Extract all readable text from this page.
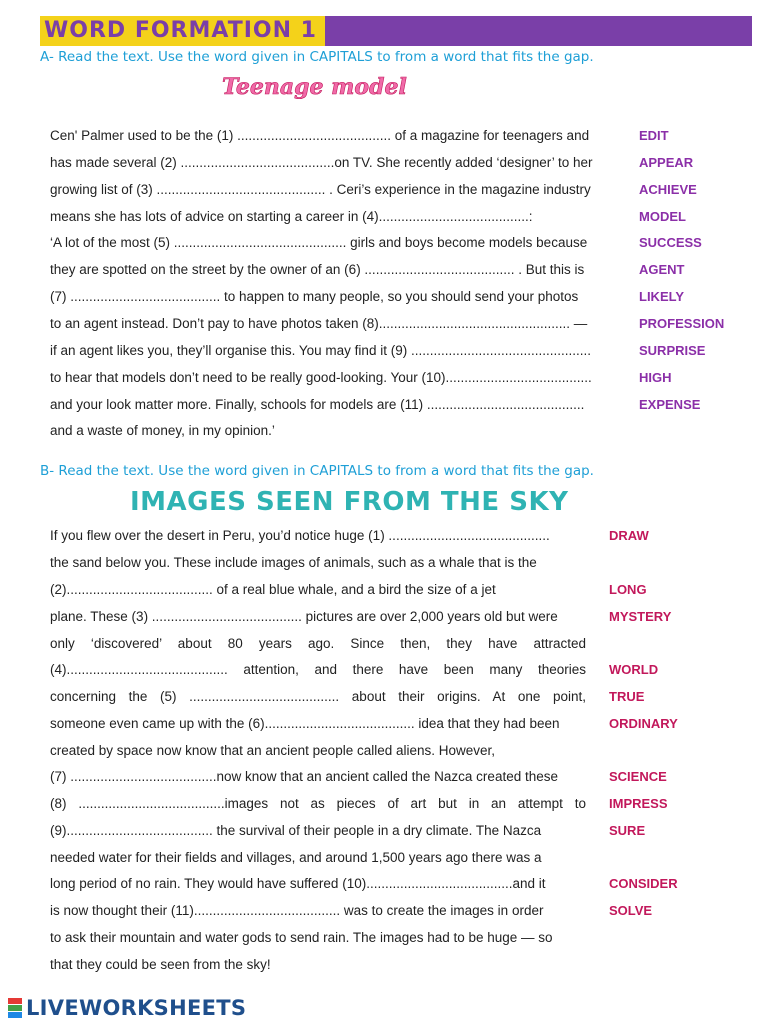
WORD FORMATION 1
A- Read the text. Use the word given in CAPITALS to from a word that fits the gap.
Teenage model
Cen' Palmer used to be the (1) ......................................... of a magazine for teenagers and
has made several (2) .........................................on TV. She recently added ‘designer’ to her
growing list of (3) ............................................. . Ceri’s experience in the magazine industry
means she has lots of advice on starting a career in (4)........................................:
‘A lot of the most (5) .............................................. girls and boys become models because
they are spotted on the street by the owner of an (6) ........................................ . But this is
(7) ........................................ to happen to many people, so you should send your photos
to an agent instead. Don’t pay to have photos taken (8)................................................... —
if an agent likes you, they’ll organise this. You may find it (9) ................................................
to hear that models don’t need to be really good-looking. Your (10).......................................
and your look matter more. Finally, schools for models are (11) ..........................................
and a waste of money, in my opinion.’
EDIT
APPEAR
ACHIEVE
MODEL
SUCCESS
AGENT
LIKELY
PROFESSION
SURPRISE
HIGH
EXPENSE
B- Read the text. Use the word given in CAPITALS to from a word that fits the gap.
IMAGES SEEN FROM THE SKY
If you flew over the desert in Peru, you’d notice huge (1) ...........................................
the sand below you. These include images of animals, such as a whale that is the
(2)....................................... of a real blue whale, and a bird the size of a jet
plane. These (3) ........................................ pictures are over 2,000 years old but were
only ‘discovered’ about 80 years ago. Since then, they have attracted
(4)........................................... attention, and there have been many theories
concerning the (5) ........................................ about their origins. At one point,
someone even came up with the (6)........................................ idea that they had been
created by space now know that an ancient people called aliens. However,
(7) .......................................now know that an ancient called the Nazca created these
(8) .......................................images not as pieces of art but in an attempt to
(9)....................................... the survival of their people in a dry climate. The Nazca
needed water for their fields and villages, and around 1,500 years ago there was a
long period of no rain. They would have suffered (10).......................................and it
is now thought their (11)....................................... was to create the images in order
to ask their mountain and water gods to send rain. The images had to be huge — so
that they could be seen from the sky!
DRAW
LONG
MYSTERY
WORLD
TRUE
ORDINARY
SCIENCE
IMPRESS
SURE
CONSIDER
SOLVE
LIVEWORKSHEETS
